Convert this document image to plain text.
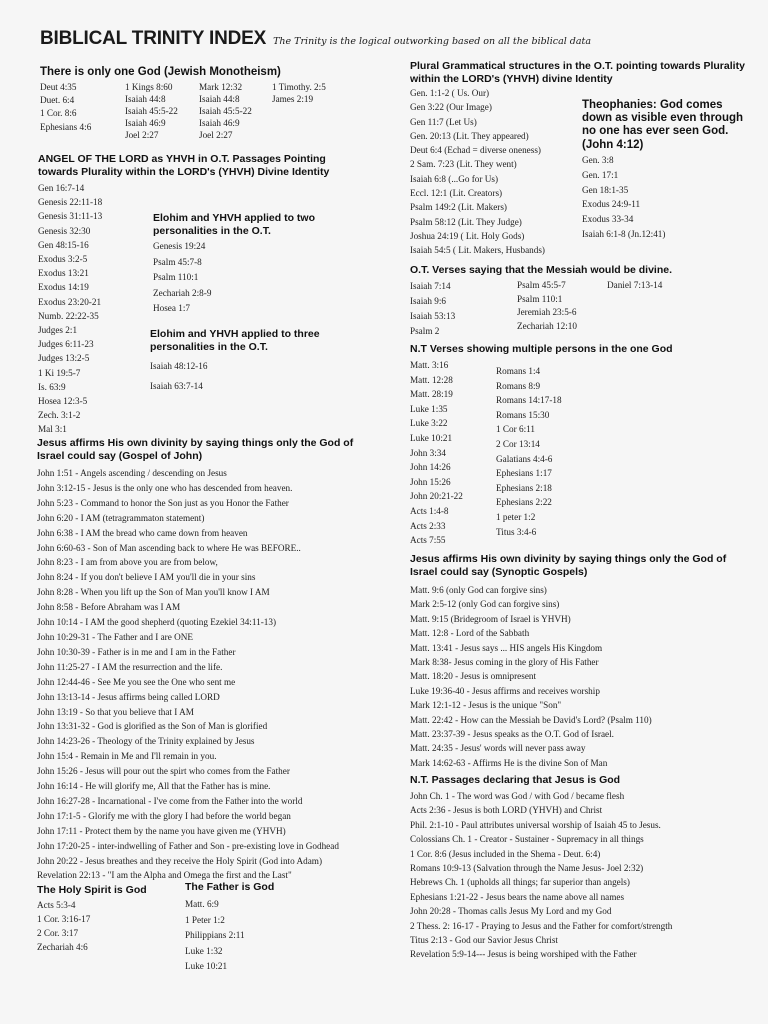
BIBLICAL TRINITY INDEX The Trinity is the logical outworking based on all the biblical data
There is only one God (Jewish Monotheism)
Deut 4:35
Duet. 6:4
1 Cor. 8:6
Ephesians 4:6
1 Kings 8:60
Isaiah 44:8
Isaiah 45:5-22
Isaiah 46:9
Joel 2:27
Mark 12:32
Isaiah 44:8
Isaiah 45:5-22
Isaiah 46:9
Joel 2:27
1 Timothy. 2:5
James 2:19
ANGEL OF THE LORD as YHVH in O.T. Passages Pointing towards Plurality within the LORD's (YHVH) Divine Identity
Gen 16:7-14
Genesis 22:11-18
Genesis 31:11-13
Genesis 32:30
Gen 48:15-16
Exodus 3:2-5
Exodus 13:21
Exodus 14:19
Exodus 23:20-21
Numb. 22:22-35
Judges 2:1
Judges 6:11-23
Judges 13:2-5
1 Ki 19:5-7
Is. 63:9
Hosea 12:3-5
Zech. 3:1-2
Mal 3:1
Elohim and YHVH applied to two personalities in the O.T.
Genesis 19:24
Psalm 45:7-8
Psalm 110:1
Zechariah 2:8-9
Hosea 1:7
Elohim and YHVH applied to three personalities in the O.T.
Isaiah 48:12-16
Isaiah 63:7-14
Jesus affirms His own divinity by saying things only the God of Israel could say (Gospel of John)
John 1:51 - Angels ascending / descending on Jesus
John 3:12-15 - Jesus is the only one who has descended from heaven.
John 5:23 - Command to honor the Son just as you Honor the Father
John 6:20 - I AM (tetragrammaton statement)
John 6:38 - I AM the bread who came down from heaven
John 6:60-63 - Son of Man ascending back to where He was BEFORE..
John 8:23 - I am from above you are from below,
John 8:24 - If you don't believe I AM you'll die in your sins
John 8:28 - When you lift up the Son of Man you'll know I AM
John 8:58 - Before Abraham was I AM
John 10:14 - I AM the good shepherd (quoting Ezekiel 34:11-13)
John 10:29-31 - The Father and I are ONE
John 10:30-39 - Father is in me and I am in the Father
John 11:25-27 - I AM the resurrection and the life.
John 12:44-46 - See Me you see the One who sent me
John 13:13-14 - Jesus affirms being called LORD
John 13:19 - So that you believe that I AM
John 13:31-32 - God is glorified as the Son of Man is glorified
John 14:23-26 - Theology of the Trinity explained by Jesus
John 15:4 - Remain in Me and I'll remain in you.
John 15:26 - Jesus will pour out the spirt who comes from the Father
John 16:14 - He will glorify me, All that the Father has is mine.
John 16:27-28 - Incarnational - I've come from the Father into the world
John 17:1-5 - Glorify me with the glory I had before the world began
John 17:11 - Protect them by the name you have given me (YHVH)
John 17:20-25 - inter-indwelling of Father and Son - pre-existing love in Godhead
John 20:22 - Jesus breathes and they receive the Holy Spirit (God into Adam)
Revelation 22:13 - "I am the Alpha and Omega the first and the Last"
The Holy Spirit is God
Acts 5:3-4
1 Cor. 3:16-17
2 Cor. 3:17
Zechariah 4:6
The Father is God
Matt. 6:9
1 Peter 1:2
Philippians 2:11
Luke 1:32
Luke 10:21
Plural Grammatical structures in the O.T. pointing towards Plurality within the LORD's (YHVH) divine Identity
Gen. 1:1-2 ( Us. Our)
Gen 3:22 (Our Image)
Gen 11:7 (Let Us)
Gen. 20:13 (Lit. They appeared)
Deut 6:4 (Echad = diverse oneness)
2 Sam. 7:23 (Lit. They went)
Isaiah 6:8 (...Go for Us)
Eccl. 12:1 (Lit. Creators)
Psalm 149:2 (Lit. Makers)
Psalm 58:12 (Lit. They Judge)
Joshua 24:19 ( Lit. Holy Gods)
Isaiah 54:5 ( Lit. Makers, Husbands)
Theophanies: God comes down as visible even through no one has ever seen God. (John 4:12)
Gen. 3:8
Gen. 17:1
Gen 18:1-35
Exodus 24:9-11
Exodus 33-34
Isaiah 6:1-8 (Jn.12:41)
O.T. Verses saying that the Messiah would be divine.
Isaiah 7:14
Isaiah 9:6
Isaiah 53:13
Psalm 2
Psalm 45:5-7
Psalm 110:1
Jeremiah 23:5-6
Zechariah 12:10
Daniel 7:13-14
N.T Verses showing multiple persons in the one God
Matt. 3:16
Matt. 12:28
Matt. 28:19
Luke 1:35
Luke 3:22
Luke 10:21
John 3:34
John 14:26
John 15:26
John 20:21-22
Acts 1:4-8
Acts 2:33
Acts 7:55
Romans 1:4
Romans 8:9
Romans 14:17-18
Romans 15:30
1 Cor 6:11
2 Cor 13:14
Galatians 4:4-6
Ephesians 1:17
Ephesians 2:18
Ephesians 2:22
1 peter 1:2
Titus 3:4-6
Jesus affirms His own divinity by saying things only the God of Israel could say (Synoptic Gospels)
Matt. 9:6 (only God can forgive sins)
Mark 2:5-12 (only God can forgive sins)
Matt. 9:15 (Bridegroom of Israel is YHVH)
Matt. 12:8 - Lord of the Sabbath
Matt. 13:41 - Jesus says ... HIS angels His Kingdom
Mark 8:38- Jesus coming in the glory of His Father
Matt. 18:20 - Jesus is omnipresent
Luke 19:36-40 - Jesus affirms and receives worship
Mark 12:1-12 - Jesus is the unique "Son"
Matt. 22:42 - How can the Messiah be David's Lord? (Psalm 110)
Matt. 23:37-39 - Jesus speaks as the O.T. God of Israel.
Matt. 24:35 - Jesus' words will never pass away
Mark 14:62-63 - Affirms He is the divine Son of Man
N.T. Passages declaring that Jesus is God
John Ch. 1 - The word was God / with God / became flesh
Acts 2:36 - Jesus is both LORD (YHVH) and Christ
Phil. 2:1-10 - Paul attributes universal worship of Isaiah 45 to Jesus.
Colossians Ch. 1 - Creator - Sustainer - Supremacy in all things
1 Cor. 8:6 (Jesus included in the Shema - Deut. 6:4)
Romans 10:9-13 (Salvation through the Name Jesus- Joel 2:32)
Hebrews Ch. 1 (upholds all things; far superior than angels)
Ephesians 1:21-22 - Jesus bears the name above all names
John 20:28 - Thomas calls Jesus My Lord and my God
2 Thess. 2: 16-17 - Praying to Jesus and the Father for comfort/strength
Titus 2:13 - God our Savior Jesus Christ
Revelation 5:9-14--- Jesus is being worshiped with the Father
